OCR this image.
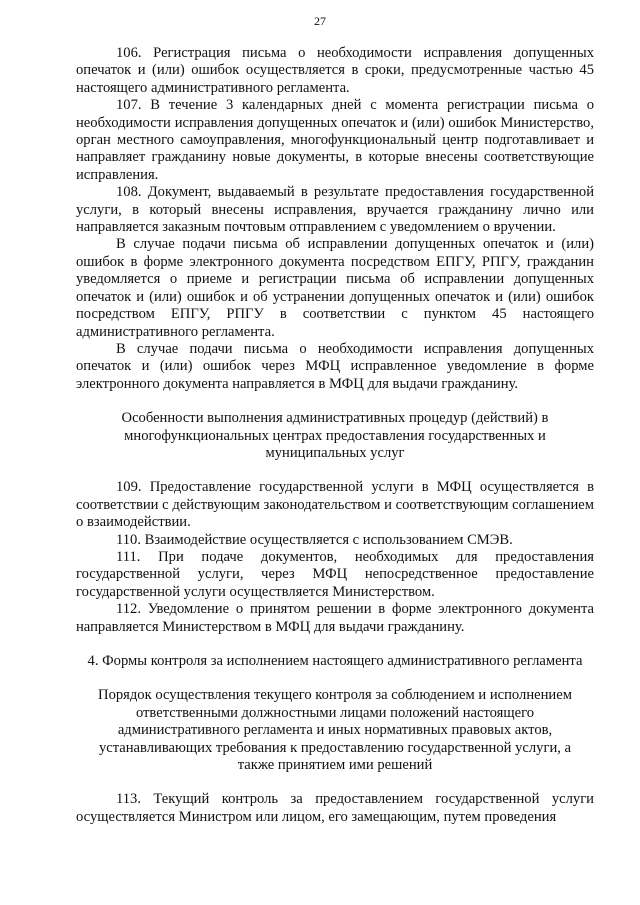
27

106. Регистрация письма о необходимости исправления допущенных опечаток и (или) ошибок осуществляется в сроки, предусмотренные частью 45 настоящего административного регламента.

107. В течение 3 календарных дней с момента регистрации письма о необходимости исправления допущенных опечаток и (или) ошибок Министерство, орган местного самоуправления, многофункциональный центр подготавливает и направляет гражданину новые документы, в которые внесены соответствующие исправления.

108. Документ, выдаваемый в результате предоставления государственной услуги, в который внесены исправления, вручается гражданину лично или направляется заказным почтовым отправлением с уведомлением о вручении.

В случае подачи письма об исправлении допущенных опечаток и (или) ошибок в форме электронного документа посредством ЕПГУ, РПГУ, гражданин уведомляется о приеме и регистрации письма об исправлении допущенных опечаток и (или) ошибок и об устранении допущенных опечаток и (или) ошибок посредством ЕПГУ, РПГУ в соответствии с пунктом 45 настоящего административного регламента.

В случае подачи письма о необходимости исправления допущенных опечаток и (или) ошибок через МФЦ исправленное уведомление в форме электронного документа направляется в МФЦ для выдачи гражданину.

Особенности выполнения административных процедур (действий) в многофункциональных центрах предоставления государственных и муниципальных услуг

109. Предоставление государственной услуги в МФЦ осуществляется в соответствии с действующим законодательством и соответствующим соглашением о взаимодействии.

110. Взаимодействие осуществляется с использованием СМЭВ.

111. При подаче документов, необходимых для предоставления государственной услуги, через МФЦ непосредственное предоставление государственной услуги осуществляется Министерством.

112. Уведомление о принятом решении в форме электронного документа направляется Министерством в МФЦ для выдачи гражданину.

4. Формы контроля за исполнением настоящего административного регламента

Порядок осуществления текущего контроля за соблюдением и исполнением ответственными должностными лицами положений настоящего административного регламента и иных нормативных правовых актов, устанавливающих требования к предоставлению государственной услуги, а также принятием ими решений

113. Текущий контроль за предоставлением государственной услуги осуществляется Министром или лицом, его замещающим, путем проведения
